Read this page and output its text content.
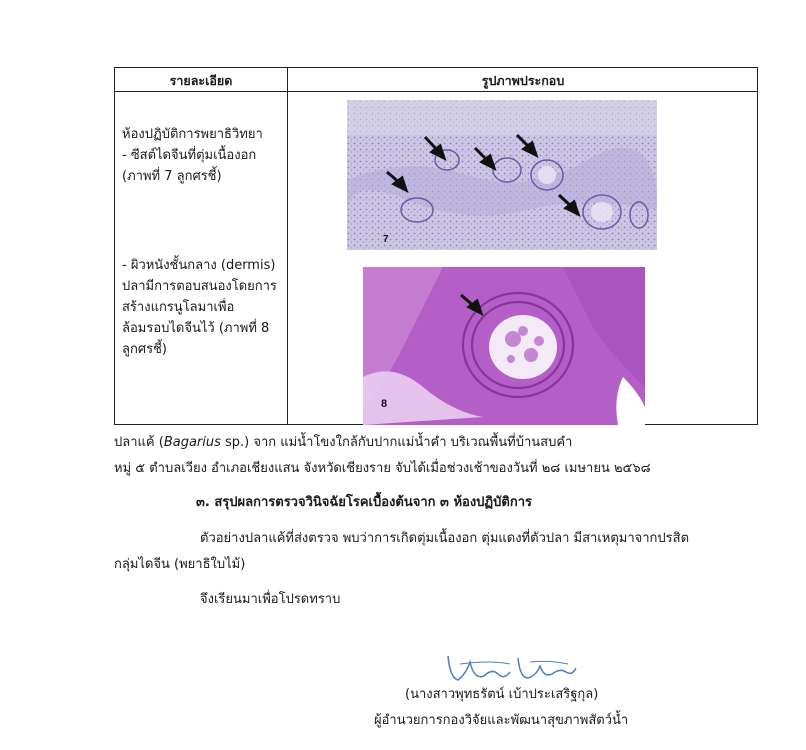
รายละเอียด	รูปภาพประกอบ
ห้องปฏิบัติการพยาธิวิทยา
- ซีสต์ไดจีนที่ตุ่มเนื้องอก
(ภาพที่ 7 ลูกศรชี้)
- ผิวหนังชั้นกลาง (dermis)
ปลามีการตอบสนองโดยการ
สร้างแกรนูโลมาเพื่อ
ล้อมรอบไดจีนไว้ (ภาพที่ 8
ลูกศรชี้)
7
8
ปลาแค้ (Bagarius sp.) จาก แม่น้ำโขงใกล้กับปากแม่น้ำคำ บริเวณพื้นที่บ้านสบคำ
หมู่ ๕ ตำบลเวียง อำเภอเชียงแสน จังหวัดเชียงราย จับได้เมื่อช่วงเช้าของวันที่ ๒๘ เมษายน ๒๕๖๘
๓. สรุปผลการตรวจวินิจฉัยโรคเบื้องต้นจาก ๓ ห้องปฏิบัติการ
ตัวอย่างปลาแค้ที่ส่งตรวจ พบว่าการเกิดตุ่มเนื้องอก ตุ่มแดงที่ตัวปลา มีสาเหตุมาจากปรสิต
กลุ่มไดจีน (พยาธิใบไม้)
จึงเรียนมาเพื่อโปรดทราบ
(นางสาวพุทธรัตน์ เบ้าประเสริฐกุล)
ผู้อำนวยการกองวิจัยและพัฒนาสุขภาพสัตว์น้ำ
